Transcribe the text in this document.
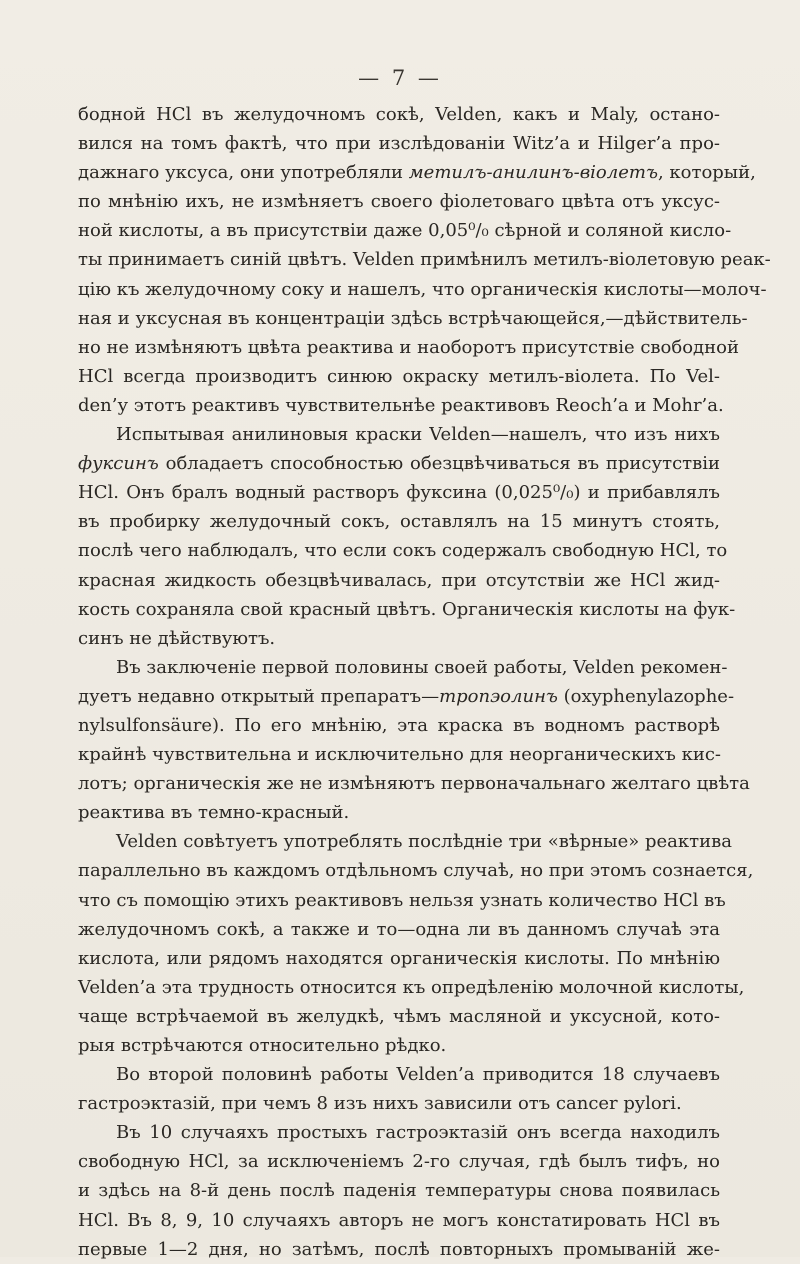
— 7 —
бодной НСl въ желудочномъ сокѣ, Velden, какъ и Maly, остано-
вился на томъ фактѣ, что при изслѣдованіи Witz’а и Hilger’а про-
дажнаго уксуса, они употребляли метилъ-анилинъ-віолетъ, который,
по мнѣнію ихъ, не измѣняетъ своего фіолетоваго цвѣта отъ уксус-
ной кислоты, а въ присутствіи даже 0,05⁰/₀ сѣрной и соляной кисло-
ты принимаетъ синій цвѣтъ. Velden примѣнилъ метилъ-віолетовую реак-
цію къ желудочному соку и нашелъ, что органическія кислоты—молоч-
ная и уксусная въ концентраціи здѣсь встрѣчающейся,—дѣйствитель-
но не измѣняютъ цвѣта реактива и наоборотъ присутствіе свободной
НСl всегда производитъ синюю окраску метилъ-віолета. По Vel-
den’у этотъ реактивъ чувствительнѣе реактивовъ Reoch’а и Mohr’а.
Испытывая анилиновыя краски Velden—нашелъ, что изъ нихъ
фуксинъ обладаетъ способностью обезцвѣчиваться въ присутствіи
НСl. Онъ бралъ водный растворъ фуксина (0,025⁰/₀) и прибавлялъ
въ пробирку желудочный сокъ, оставлялъ на 15 минутъ стоять,
послѣ чего наблюдалъ, что если сокъ содержалъ свободную НСl, то
красная жидкость обезцвѣчивалась, при отсутствіи же НСl жид-
кость сохраняла свой красный цвѣтъ. Органическія кислоты на фук-
синъ не дѣйствуютъ.
Въ заключеніе первой половины своей работы, Velden рекомен-
дуетъ недавно открытый препаратъ—тропэолинъ (oxyphenylazophe-
nylsulfonsäure). По его мнѣнію, эта краска въ водномъ растворѣ
крайнѣ чувствительна и исключительно для неорганическихъ кис-
лотъ; органическія же не измѣняютъ первоначальнаго желтаго цвѣта
реактива въ темно-красный.
Velden совѣтуетъ употреблять послѣдніе три «вѣрные» реактива
параллельно въ каждомъ отдѣльномъ случаѣ, но при этомъ сознается,
что съ помощію этихъ реактивовъ нельзя узнать количество НСl въ
желудочномъ сокѣ, а также и то—одна ли въ данномъ случаѣ эта
кислота, или рядомъ находятся органическія кислоты. По мнѣнію
Velden’а эта трудность относится къ опредѣленію молочной кислоты,
чаще встрѣчаемой въ желудкѣ, чѣмъ масляной и уксусной, кото-
рыя встрѣчаются относительно рѣдко.
Во второй половинѣ работы Velden’а приводится 18 случаевъ
гастроэктазій, при чемъ 8 изъ нихъ зависили отъ cancer pylori.
Въ 10 случаяхъ простыхъ гастроэктазій онъ всегда находилъ
свободную НСl, за исключеніемъ 2-го случая, гдѣ былъ тифъ, но
и здѣсь на 8-й день послѣ паденія температуры снова появилась
НСl. Въ 8, 9, 10 случаяхъ авторъ не могъ констатировать НСl въ
первые 1—2 дня, но затѣмъ, послѣ повторныхъ промываній же-
